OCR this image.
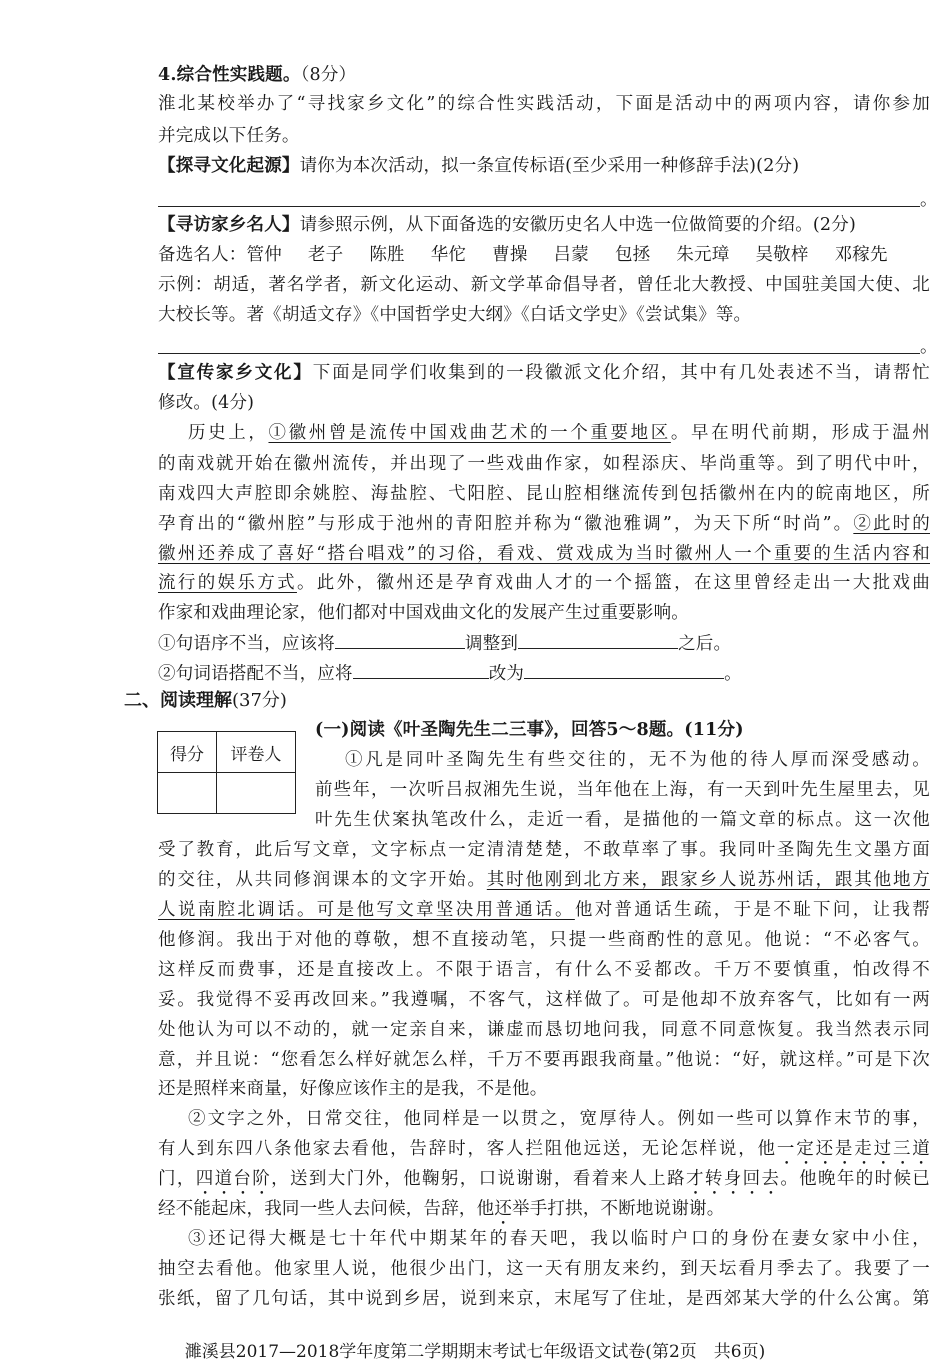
4.综合性实践题。（8分）
淮北某校举办了“寻找家乡文化”的综合性实践活动，下面是活动中的两项内容，请你参加
并完成以下任务。
【探寻文化起源】请你为本次活动，拟一条宣传标语(至少采用一种修辞手法)(2分)
。
【寻访家乡名人】请参照示例，从下面备选的安徽历史名人中选一位做简要的介绍。(2分)
备选名人：管仲 老子 陈胜 华佗 曹操 吕蒙 包拯 朱元璋 吴敬梓 邓稼先
示例：胡适，著名学者，新文化运动、新文学革命倡导者，曾任北大教授、中国驻美国大使、北
大校长等。著《胡适文存》《中国哲学史大纲》《白话文学史》《尝试集》等。
。
【宣传家乡文化】下面是同学们收集到的一段徽派文化介绍，其中有几处表述不当，请帮忙
修改。(4分)
历史上，①徽州曾是流传中国戏曲艺术的一个重要地区。早在明代前期，形成于温州
的南戏就开始在徽州流传，并出现了一些戏曲作家，如程添庆、毕尚重等。到了明代中叶，
南戏四大声腔即余姚腔、海盐腔、弋阳腔、昆山腔相继流传到包括徽州在内的皖南地区，所
孕育出的“徽州腔”与形成于池州的青阳腔并称为“徽池雅调”，为天下所“时尚”。②此时的
徽州还养成了喜好“搭台唱戏”的习俗，看戏、赏戏成为当时徽州人一个重要的生活内容和
流行的娱乐方式。此外，徽州还是孕育戏曲人才的一个摇篮，在这里曾经走出一大批戏曲
作家和戏曲理论家，他们都对中国戏曲文化的发展产生过重要影响。
①句语序不当，应该将	调整到	之后。
②句词语搭配不当，应将	改为	。
二、阅读理解(37分)
得分	评卷人

(一)阅读《叶圣陶先生二三事》，回答5～8题。(11分)
①凡是同叶圣陶先生有些交往的，无不为他的待人厚而深受感动。
前些年，一次听吕叔湘先生说，当年他在上海，有一天到叶先生屋里去，见
叶先生伏案执笔改什么，走近一看，是描他的一篇文章的标点。这一次他
受了教育，此后写文章，文字标点一定清清楚楚，不敢草率了事。我同叶圣陶先生文墨方面
的交往，从共同修润课本的文字开始。其时他刚到北方来，跟家乡人说苏州话，跟其他地方
人说南腔北调话。可是他写文章坚决用普通话。他对普通话生疏，于是不耻下问，让我帮
他修润。我出于对他的尊敬，想不直接动笔，只提一些商酌性的意见。他说：“不必客气。
这样反而费事，还是直接改上。不限于语言，有什么不妥都改。千万不要慎重，怕改得不
妥。我觉得不妥再改回来。”我遵嘱，不客气，这样做了。可是他却不放弃客气，比如有一两
处他认为可以不动的，就一定亲自来，谦虚而恳切地问我，同意不同意恢复。我当然表示同
意，并且说：“您看怎么样好就怎么样，千万不要再跟我商量。”他说：“好，就这样。”可是下次
还是照样来商量，好像应该作主的是我，不是他。
②文字之外，日常交往，他同样是一以贯之，宽厚待人。例如一些可以算作末节的事，
有人到东四八条他家去看他，告辞时，客人拦阻他远送，无论怎样说，他一定还是走过三道
门，四道台阶，送到大门外，他鞠躬，口说谢谢，看着来人上路才转身回去。他晚年的时候已
经不能起床，我同一些人去问候，告辞，他还举手打拱，不断地说谢谢。
③还记得大概是七十年代中期某年的春天吧，我以临时户口的身份在妻女家中小住，
抽空去看他。他家里人说，他很少出门，这一天有朋友来约，到天坛看月季去了。我要了一
张纸，留了几句话，其中说到乡居，说到来京，末尾写了住址，是西郊某大学的什么公寓。第
濉溪县2017—2018学年度第二学期期末考试七年级语文试卷(第2页　共6页)
